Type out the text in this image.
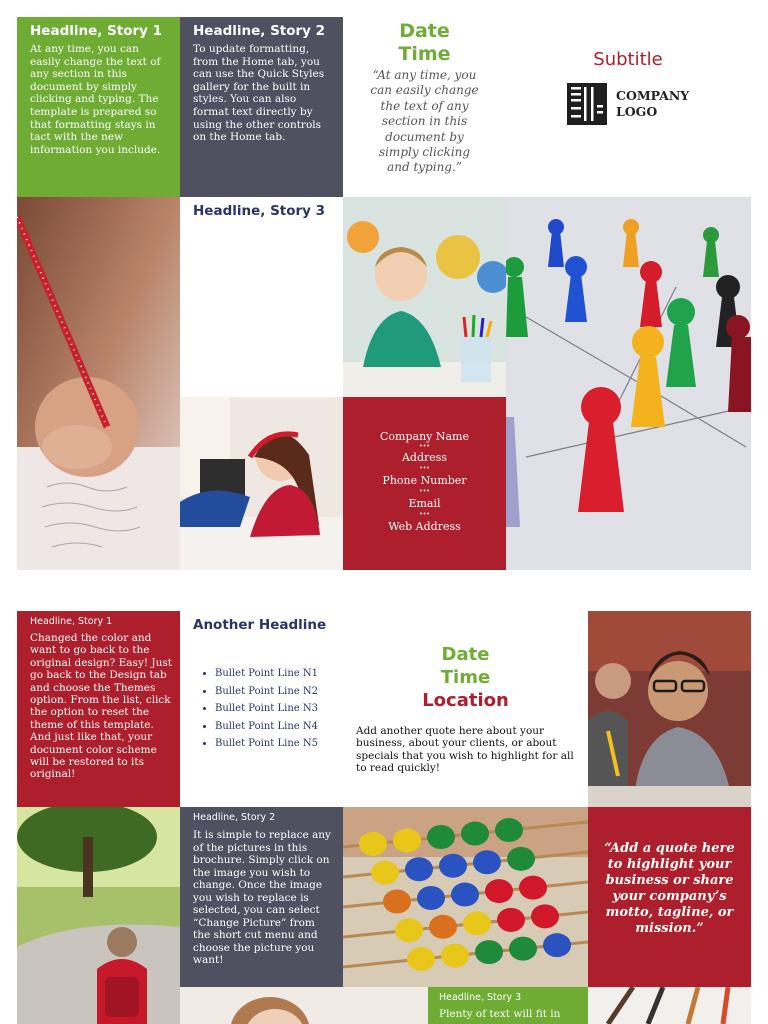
Headline, Story 1
At any time, you can easily change the text of any section in this document by simply clicking and typing. The template is prepared so that formatting stays in tact with the new information you include.
Headline, Story 2
To update formatting, from the Home tab, you can use the Quick Styles gallery for the built in styles. You can also format text directly by using the other controls on the Home tab.
Date
Time
“At any time, you can easily change the text of any section in this document by simply clicking and typing.”
Subtitle
COMPANY
LOGO
Headline, Story 3
Company Name
•••
Address
•••
Phone Number
•••
Email
•••
Web Address
Headline, Story 1
Changed the color and want to go back to the original design? Easy! Just go back to the Design tab and choose the Themes option. From the list, click the option to reset the theme of this template. And just like that, your document color scheme will be restored to its original!
Another Headline
• Bullet Point Line N1
• Bullet Point Line N2
• Bullet Point Line N3
• Bullet Point Line N4
• Bullet Point Line N5
Date
Time
Location
Add another quote here about your business, about your clients, or about specials that you wish to highlight for all to read quickly!
Headline, Story 2
It is simple to replace any of the pictures in this brochure. Simply click on the image you wish to change. Once the image you wish to replace is selected, you can select “Change Picture” from the short cut menu and choose the picture you want!
“Add a quote here to highlight your business or share your company’s motto, tagline, or mission.”
Headline, Story 3
Plenty of text will fit in
